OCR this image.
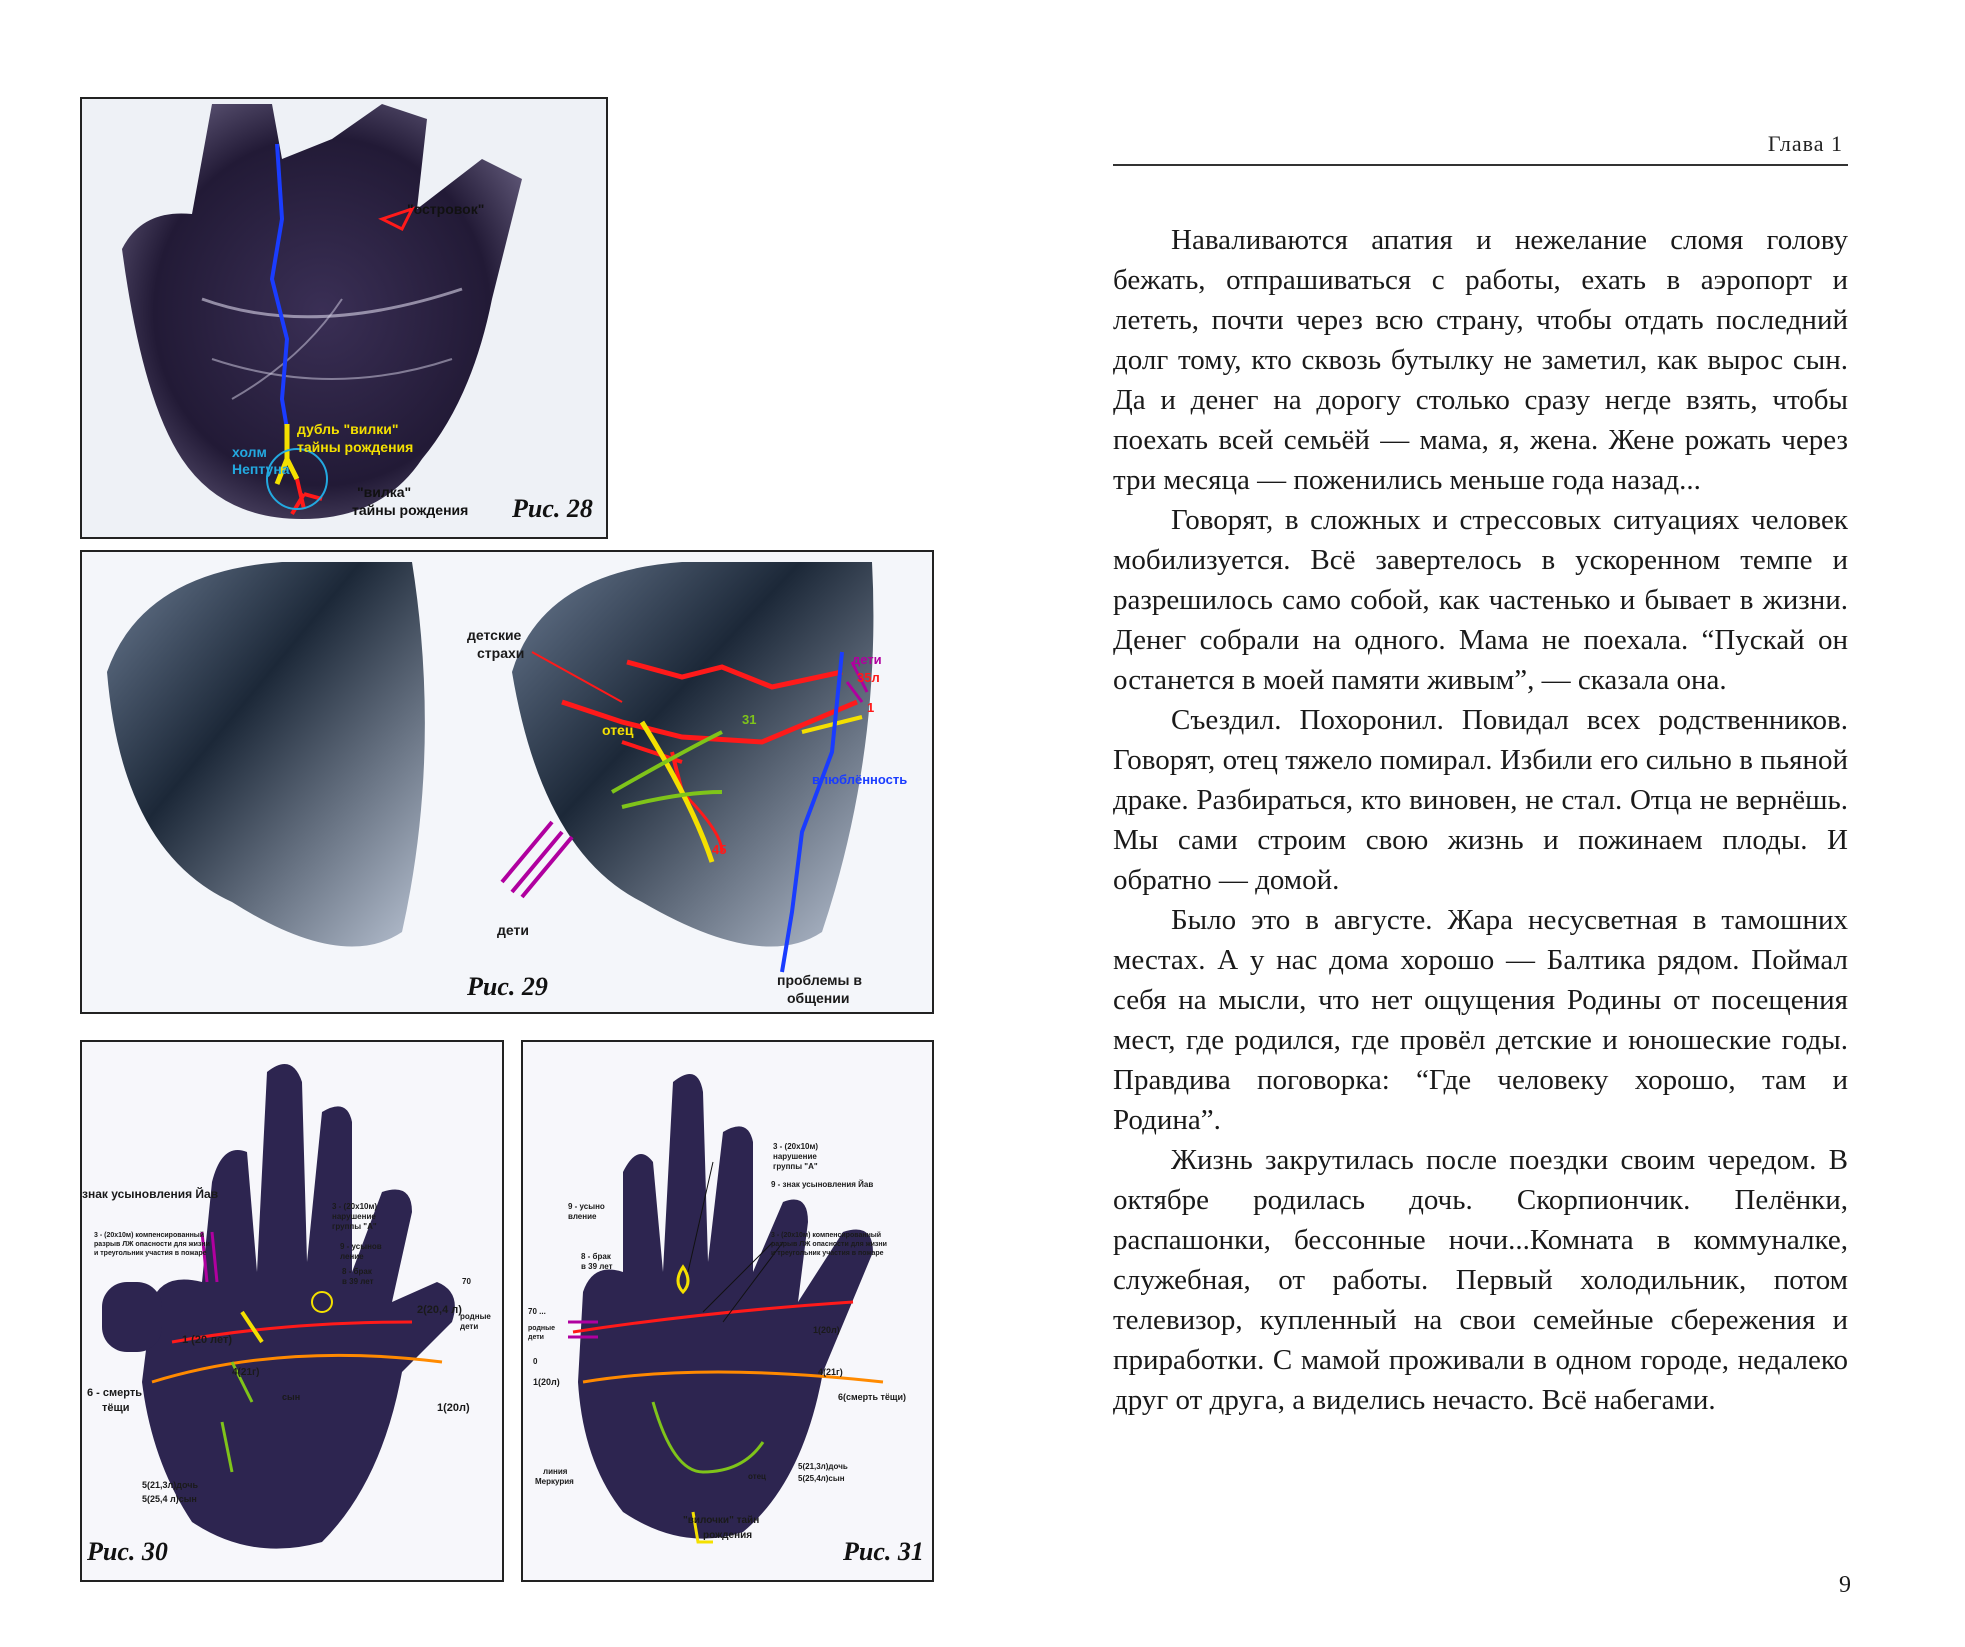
"островок"
дубль "вилки"
тайны рождения
холм
Нептуна
"вилка"
тайны рождения Рис. 28
детские
страхи	дети
35л
1
отец
31
влюблённость
45
дети
проблемы в
общении
Рис. 29
знак усыновления Йав
3 - (20х10м) компенсированный
разрыв ЛЖ опасности для жизни
и треугольник участия в пожаре
3 - (20х10м)
нарушение
группы "А"
9 - усынов
ление
8 - брак
в 39 лет	70
родные
дети
1 (20 лет)
2(20,4 л)
4(21г)
6 - смерть
тёщи
сын
1(20л)
5(21,3л)дочь
5(25,4 л)сын
Рис. 30
3 - (20х10м)
нарушение
группы "А"
9 - знак усыновления Йав
9 - усыно
вление
8 - брак
в 39 лет
3 - (20х10м) компенсированный
разрыв ЛЖ опасности для жизни
и треугольник участия в пожаре
70 ...
родные
дети
0
1(20л)
1(20л)
4(21г)
6(смерть тёщи)
линия
Меркурия
отец
5(21,3л)дочь
5(25,4л)сын
"вилочки" тайн
рождения
Рис. 31
Глава 1

Наваливаются апатия и нежелание сломя голову бежать, отпрашиваться с работы, ехать в аэропорт и лететь, почти через всю страну, чтобы отдать последний долг тому, кто сквозь бутылку не заметил, как вырос сын. Да и денег на дорогу столько сразу негде взять, чтобы поехать всей семьёй — мама, я, жена. Жене рожать через три месяца — поженились меньше года назад...

Говорят, в сложных и стрессовых ситуациях человек мобилизуется. Всё завертелось в ускоренном темпе и разрешилось само собой, как частенько и бывает в жизни. Денег собрали на одного. Мама не поехала. “Пускай он останется в моей памяти живым”, — сказала она.

Съездил. Похоронил. Повидал всех родственников. Говорят, отец тяжело помирал. Избили его сильно в пьяной драке. Разбираться, кто виновен, не стал. Отца не вернёшь. Мы сами строим свою жизнь и пожинаем плоды. И обратно — домой.

Было это в августе. Жара несусветная в тамошних местах. А у нас дома хорошо — Балтика рядом. Поймал себя на мысли, что нет ощущения Родины от посещения мест, где родился, где провёл детские и юношеские годы. Правдива поговорка: “Где человеку хорошо, там и Родина”.

Жизнь закрутилась после поездки своим чередом. В октябре родилась дочь. Скорпиончик. Пелёнки, распашонки, бессонные ночи...Комната в коммуналке, служебная, от работы. Первый холодильник, потом телевизор, купленный на свои семейные сбережения и приработки. С мамой проживали в одном городе, недалеко друг от друга, а виделись нечасто. Всё набегами.

9
